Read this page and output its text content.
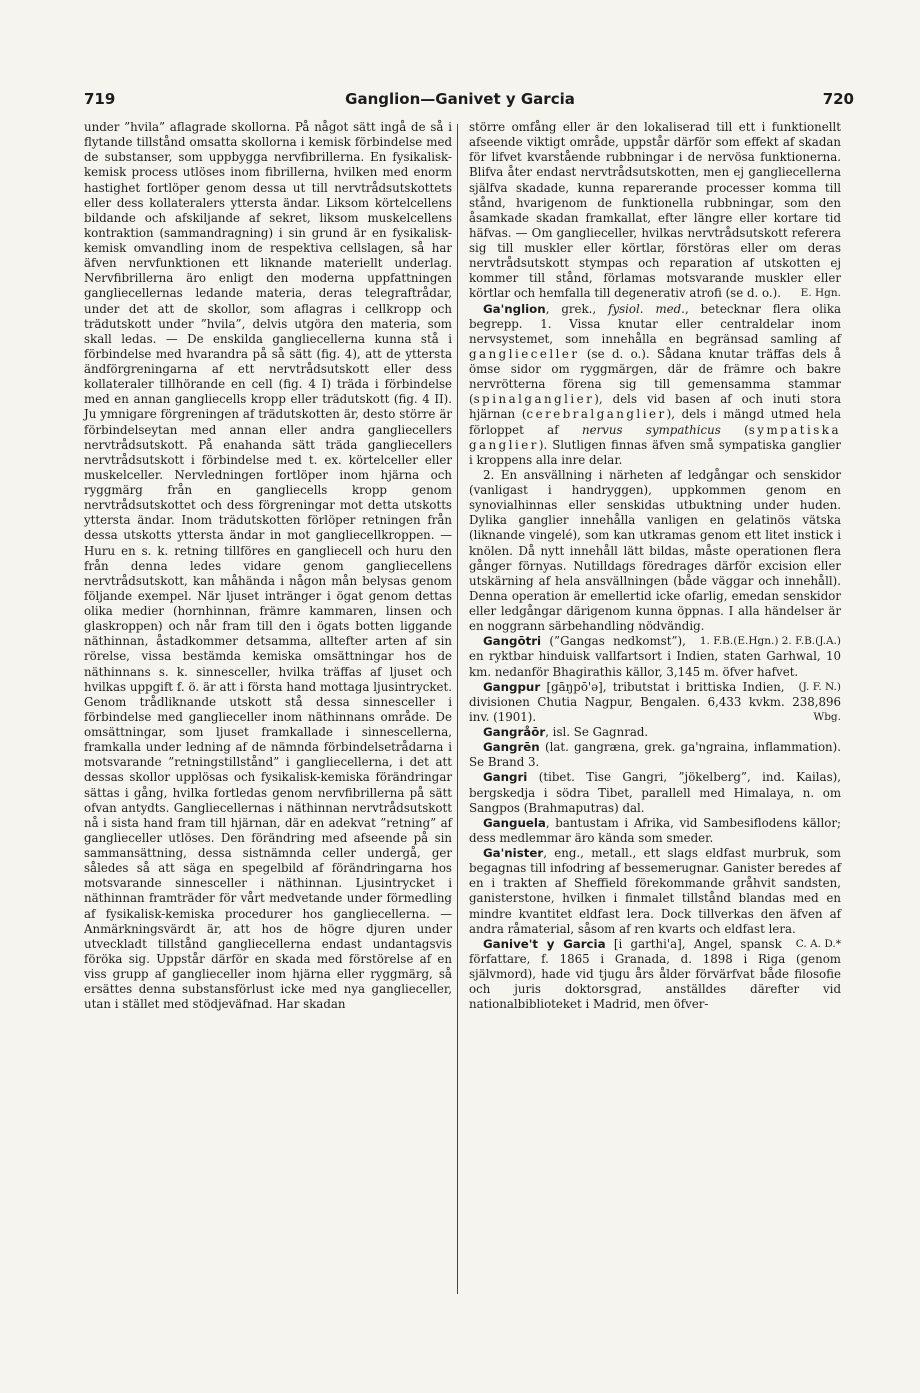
719	Ganglion—Ganivet y Garcia	720

under ”hvila” aflagrade skollorna. På något sätt ingå de så i flytande tillstånd omsatta skollorna i kemisk förbindelse med de substanser, som uppbygga nervfibrillerna. En fysikalisk-kemisk process utlöses inom fibrillerna, hvilken med enorm hastighet fortlöper genom dessa ut till nervtrådsutskottets eller dess kollateralers yttersta ändar. Liksom körtelcellens bildande och afskiljande af sekret, liksom muskelcellens kontraktion (sammandragning) i sin grund är en fysikalisk-kemisk omvandling inom de respektiva cellslagen, så har äfven nervfunktionen ett liknande materiellt underlag. Nervfibrillerna äro enligt den moderna uppfattningen gangliecellernas ledande materia, deras telegraftrådar, under det att de skollor, som aflagras i cellkropp och trädutskott under ”hvila”, delvis utgöra den materia, som skall ledas. — De enskilda gangliecellerna kunna stå i förbindelse med hvarandra på så sätt (fig. 4), att de yttersta ändförgreningarna af ett nervtrådsutskott eller dess kollateraler tillhörande en cell (fig. 4 I) träda i förbindelse med en annan gangliecells kropp eller trädutskott (fig. 4 II). Ju ymnigare förgreningen af trädutskotten är, desto större är förbindelseytan med annan eller andra gangliecellers nervtrådsutskott. På enahanda sätt träda gangliecellers nervtrådsutskott i förbindelse med t. ex. körtelceller eller muskelceller. Nervledningen fortlöper inom hjärna och ryggmärg från en gangliecells kropp genom nervtrådsutskottet och dess förgreningar mot detta utskotts yttersta ändar. Inom trädutskotten förlöper retningen från dessa utskotts yttersta ändar in mot gangliecellkroppen. — Huru en s. k. retning tillföres en gangliecell och huru den från denna ledes vidare genom gangliecellens nervtrådsutskott, kan måhända i någon mån belysas genom följande exempel. När ljuset intränger i ögat genom dettas olika medier (hornhinnan, främre kammaren, linsen och glaskroppen) och når fram till den i ögats botten liggande näthinnan, åstadkommer detsamma, alltefter arten af sin rörelse, vissa bestämda kemiska omsättningar hos de näthinnans s. k. sinnesceller, hvilka träffas af ljuset och hvilkas uppgift f. ö. är att i första hand mottaga ljusintrycket. Genom trådliknande utskott stå dessa sinnesceller i förbindelse med ganglieceller inom näthinnans område. De omsättningar, som ljuset framkallade i sinnescellerna, framkalla under ledning af de nämnda förbindelsetrådarna i motsvarande ”retningstillstånd” i gangliecellerna, i det att dessas skollor upplösas och fysikalisk-kemiska förändringar sättas i gång, hvilka fortledas genom nervfibrillerna på sätt ofvan antydts. Gangliecellernas i näthinnan nervtrådsutskott nå i sista hand fram till hjärnan, där en adekvat ”retning” af ganglieceller utlöses. Den förändring med afseende på sin sammansättning, dessa sistnämnda celler undergå, ger således så att säga en spegelbild af förändringarna hos motsvarande sinnesceller i näthinnan. Ljusintrycket i näthinnan framträder för vårt medvetande under förmedling af fysikalisk-kemiska procedurer hos gangliecellerna. — Anmärkningsvärdt är, att hos de högre djuren under utveckladt tillstånd gangliecellerna endast undantagsvis föröka sig. Uppstår därför en skada med förstörelse af en viss grupp af ganglieceller inom hjärna eller ryggmärg, så ersättes denna substansförlust icke med nya ganglieceller, utan i stället med stödjeväfnad. Har skadan

större omfång eller är den lokaliserad till ett i funktionellt afseende viktigt område, uppstår därför som effekt af skadan för lifvet kvarstående rubbningar i de nervösa funktionerna. Blifva åter endast nervtrådsutskotten, men ej gangliecellerna själfva skadade, kunna reparerande processer komma till stånd, hvarigenom de funktionella rubbningar, som den åsamkade skadan framkallat, efter längre eller kortare tid häfvas. — Om ganglieceller, hvilkas nervtrådsutskott referera sig till muskler eller körtlar, förstöras eller om deras nervtrådsutskott stympas och reparation af utskotten ej kommer till stånd, förlamas motsvarande muskler eller körtlar och hemfalla till degenerativ atrofi (se d. o.). E. Hgn.

Ga'nglion, grek., fysiol. med., betecknar flera olika begrepp. 1. Vissa knutar eller centraldelar inom nervsystemet, som innehålla en begränsad samling af ganglieceller (se d. o.). Sådana knutar träffas dels å ömse sidor om ryggmärgen, där de främre och bakre nervrötterna förena sig till gemensamma stammar (spinalganglier), dels vid basen af och inuti stora hjärnan (cerebralganglier), dels i mängd utmed hela förloppet af nervus sympathicus (sympatiska ganglier). Slutligen finnas äfven små sympatiska ganglier i kroppens alla inre delar.

2. En ansvällning i närheten af ledgångar och senskidor (vanligast i handryggen), uppkommen genom en synovialhinnas eller senskidas utbuktning under huden. Dylika ganglier innehålla vanligen en gelatinös vätska (liknande vingelé), som kan utkramas genom ett litet instick i knölen. Då nytt innehåll lätt bildas, måste operationen flera gånger förnyas. Nutilldags föredrages därför excision eller utskärning af hela ansvällningen (både väggar och innehåll). Denna operation är emellertid icke ofarlig, emedan senskidor eller ledgångar därigenom kunna öppnas. I alla händelser är en noggrann särbehandling nödvändig.
1. F.B.(E.Hgn.) 2. F.B.(J.A.)

Gangōtri (”Gangas nedkomst”), en ryktbar hinduisk vallfartsort i Indien, staten Garhwal, 10 km. nedanför Bhagirathis källor, 3,145 m. öfver hafvet.
(J. F. N.)

Gangpur [gāŋpō'ə], tributstat i brittiska Indien, divisionen Chutia Nagpur, Bengalen. 6,433 kvkm. 238,896 inv. (1901).	Wbg.

Gangråōr, isl. Se Gagnrad.

Gangrēn (lat. gangræna, grek. ga'ngraina, inflammation). Se Brand 3.

Gangri (tibet. Tise Gangri, ”jökelberg”, ind. Kailas), bergskedja i södra Tibet, parallell med Himalaya, n. om Sangpos (Brahmaputras) dal.

Ganguela, bantustam i Afrika, vid Sambesiflodens källor; dess medlemmar äro kända som smeder.

Ga'nister, eng., metall., ett slags eldfast murbruk, som begagnas till infodring af bessemerugnar. Ganister beredes af en i trakten af Sheffield förekommande gråhvit sandsten, ganisterstone, hvilken i finmalet tillstånd blandas med en mindre kvantitet eldfast lera. Dock tillverkas den äfven af andra råmaterial, såsom af ren kvarts och eldfast lera.
C. A. D.*

Ganive't y Garcia [i garthi'a], Angel, spansk författare, f. 1865 i Granada, d. 1898 i Riga (genom självmord), hade vid tjugu års ålder förvärfvat både filosofie och juris doktorsgrad, anställdes därefter vid nationalbiblioteket i Madrid, men öfver-
